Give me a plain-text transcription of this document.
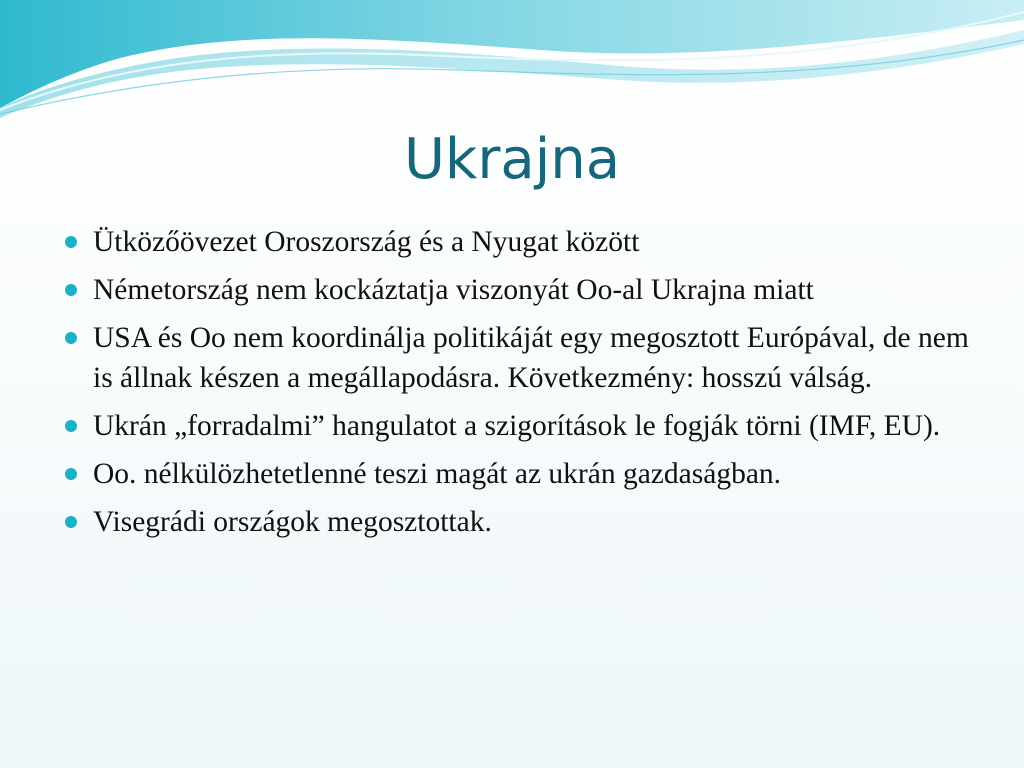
Ukrajna
Ütközőövezet Oroszország és a Nyugat között
Németország nem kockáztatja viszonyát Oo-al Ukrajna miatt
USA és Oo nem koordinálja politikáját egy megosztott Európával, de nem is állnak készen a megállapodásra. Következmény: hosszú válság.
Ukrán „forradalmi” hangulatot a szigorítások le fogják törni (IMF, EU).
Oo. nélkülözhetetlenné teszi magát az ukrán gazdaságban.
Visegrádi országok megosztottak.
